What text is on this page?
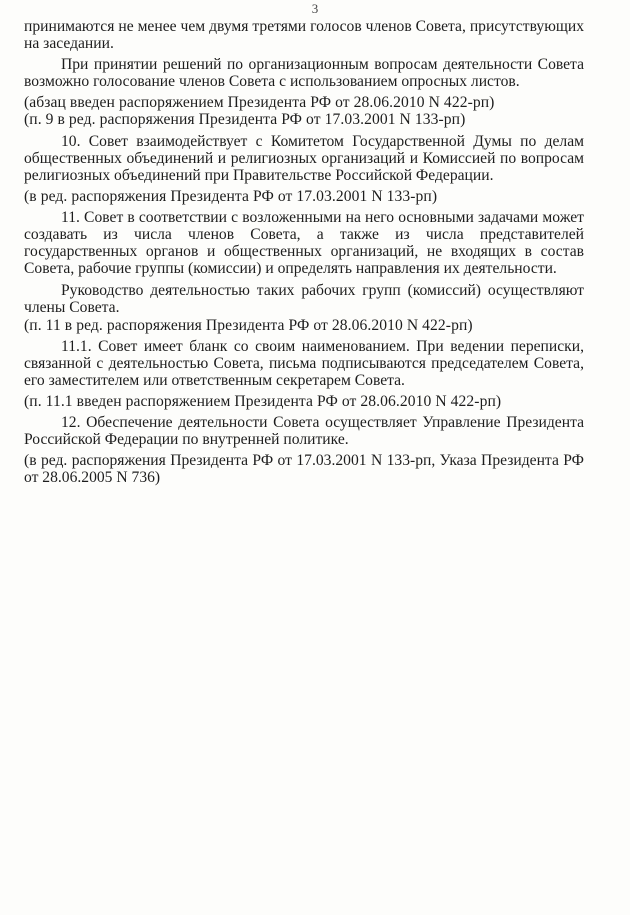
3

принимаются не менее чем двумя третями голосов членов Совета, присутствующих на заседании.

При принятии решений по организационным вопросам деятельности Совета возможно голосование членов Совета с использованием опросных листов.

(абзац введен распоряжением Президента РФ от 28.06.2010 N 422-рп)

(п. 9 в ред. распоряжения Президента РФ от 17.03.2001 N 133-рп)

10. Совет взаимодействует с Комитетом Государственной Думы по делам общественных объединений и религиозных организаций и Комиссией по вопросам религиозных объединений при Правительстве Российской Федерации.

(в ред. распоряжения Президента РФ от 17.03.2001 N 133-рп)

11. Совет в соответствии с возложенными на него основными задачами может создавать из числа членов Совета, а также из числа представителей государственных органов и общественных организаций, не входящих в состав Совета, рабочие группы (комиссии) и определять направления их деятельности.

Руководство деятельностью таких рабочих групп (комиссий) осуществляют члены Совета.

(п. 11 в ред. распоряжения Президента РФ от 28.06.2010 N 422-рп)

11.1. Совет имеет бланк со своим наименованием. При ведении переписки, связанной с деятельностью Совета, письма подписываются председателем Совета, его заместителем или ответственным секретарем Совета.

(п. 11.1 введен распоряжением Президента РФ от 28.06.2010 N 422-рп)

12. Обеспечение деятельности Совета осуществляет Управление Президента Российской Федерации по внутренней политике.

(в ред. распоряжения Президента РФ от 17.03.2001 N 133-рп, Указа Президента РФ от 28.06.2005 N 736)
